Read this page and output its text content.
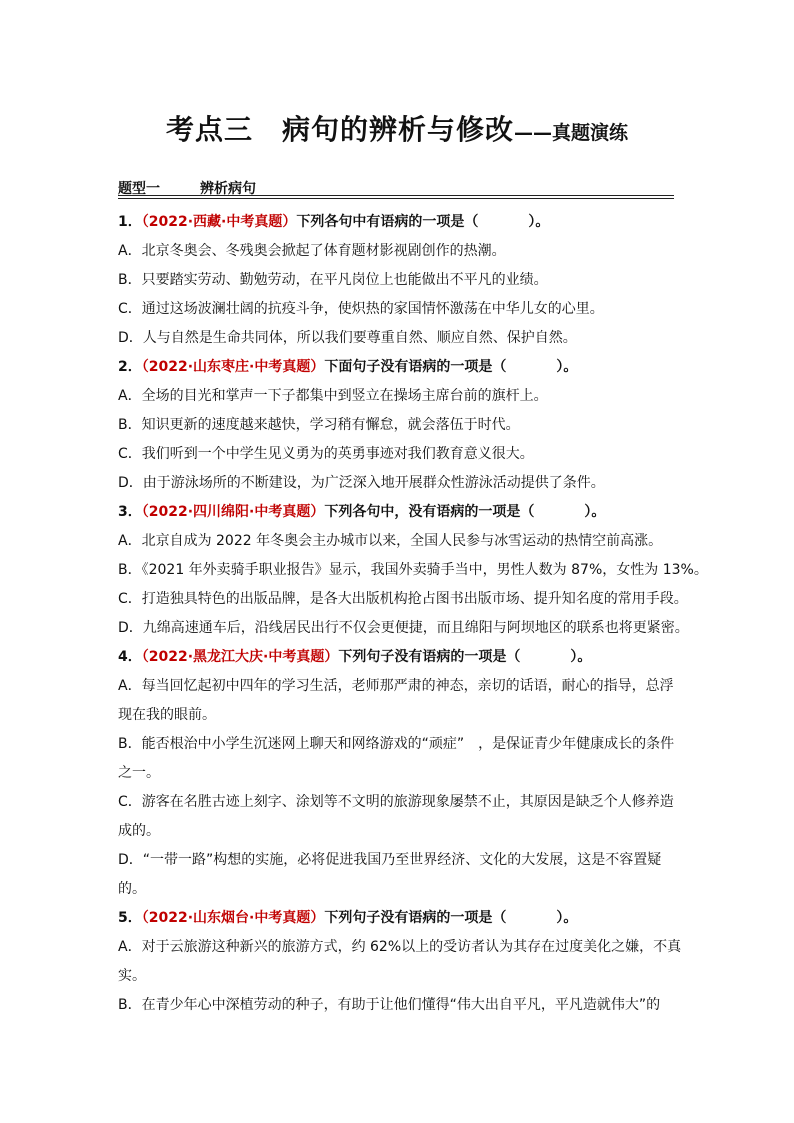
考点三　病句的辨析与修改——真题演练
题型一	辨析病句
1．（2022·西藏·中考真题）下列各句中有语病的一项是（	）。
A．北京冬奥会、冬残奥会掀起了体育题材影视剧创作的热潮。
B．只要踏实劳动、勤勉劳动，在平凡岗位上也能做出不平凡的业绩。
C．通过这场波澜壮阔的抗疫斗争，使炽热的家国情怀激荡在中华儿女的心里。
D．人与自然是生命共同体，所以我们要尊重自然、顺应自然、保护自然。
2．（2022·山东枣庄·中考真题）下面句子没有语病的一项是（	）。
A．全场的目光和掌声一下子都集中到竖立在操场主席台前的旗杆上。
B．知识更新的速度越来越快，学习稍有懈怠，就会落伍于时代。
C．我们听到一个中学生见义勇为的英勇事迹对我们教育意义很大。
D．由于游泳场所的不断建设，为广泛深入地开展群众性游泳活动提供了条件。
3．（2022·四川绵阳·中考真题）下列各句中，没有语病的一项是（	）。
A．北京自成为 2022 年冬奥会主办城市以来，全国人民参与冰雪运动的热情空前高涨。
B．《2021 年外卖骑手职业报告》显示，我国外卖骑手当中，男性人数为 87%，女性为 13%。
C．打造独具特色的出版品牌，是各大出版机构抢占图书出版市场、提升知名度的常用手段。
D．九绵高速通车后，沿线居民出行不仅会更便捷，而且绵阳与阿坝地区的联系也将更紧密。
4．（2022·黑龙江大庆·中考真题）下列句子没有语病的一项是（	）。
A．每当回忆起初中四年的学习生活，老师那严肃的神态，亲切的话语，耐心的指导，总浮
现在我的眼前。
B．能否根治中小学生沉迷网上聊天和网络游戏的“顽症”　，是保证青少年健康成长的条件
之一。
C．游客在名胜古迹上刻字、涂划等不文明的旅游现象屡禁不止，其原因是缺乏个人修养造
成的。
D．“一带一路”构想的实施，必将促进我国乃至世界经济、文化的大发展，这是不容置疑
的。
5．（2022·山东烟台·中考真题）下列句子没有语病的一项是（	）。
A．对于云旅游这种新兴的旅游方式，约 62%以上的受访者认为其存在过度美化之嫌，不真
实。
B．在青少年心中深植劳动的种子，有助于让他们懂得“伟大出自平凡，平凡造就伟大”的
